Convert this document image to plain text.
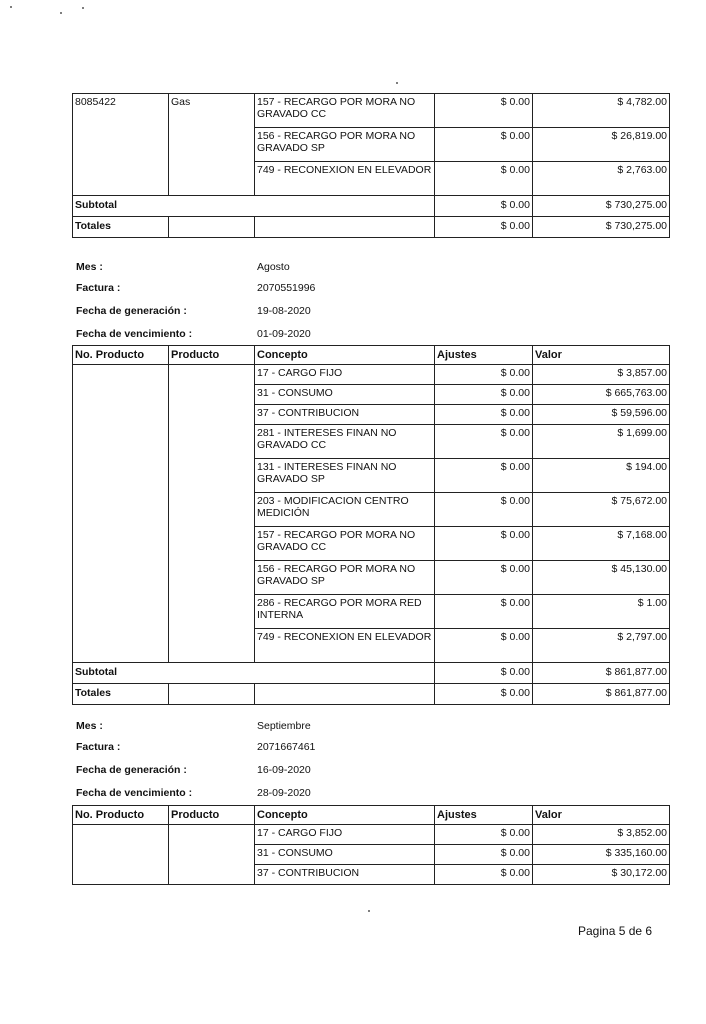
8085422	Gas	157 - RECARGO POR MORA NO GRAVADO CC	$ 0.00	$ 4,782.00
		156 - RECARGO POR MORA NO GRAVADO SP	$ 0.00	$ 26,819.00
		749 - RECONEXION EN ELEVADOR	$ 0.00	$ 2,763.00
Subtotal			$ 0.00	$ 730,275.00
Totales			$ 0.00	$ 730,275.00
Mes :	Agosto
Factura :	2070551996
Fecha de generación :	19-08-2020
Fecha de vencimiento :	01-09-2020
No. Producto	Producto	Concepto	Ajustes	Valor
		17 - CARGO FIJO	$ 0.00	$ 3,857.00
		31 - CONSUMO	$ 0.00	$ 665,763.00
		37 - CONTRIBUCION	$ 0.00	$ 59,596.00
		281 - INTERESES FINAN NO GRAVADO CC	$ 0.00	$ 1,699.00
		131 - INTERESES FINAN NO GRAVADO SP	$ 0.00	$ 194.00
		203 - MODIFICACION CENTRO MEDICIÓN	$ 0.00	$ 75,672.00
		157 - RECARGO POR MORA NO GRAVADO CC	$ 0.00	$ 7,168.00
		156 - RECARGO POR MORA NO GRAVADO SP	$ 0.00	$ 45,130.00
		286 - RECARGO POR MORA RED INTERNA	$ 0.00	$ 1.00
		749 - RECONEXION EN ELEVADOR	$ 0.00	$ 2,797.00
Subtotal			$ 0.00	$ 861,877.00
Totales			$ 0.00	$ 861,877.00
Mes :	Septiembre
Factura :	2071667461
Fecha de generación :	16-09-2020
Fecha de vencimiento :	28-09-2020
No. Producto	Producto	Concepto	Ajustes	Valor
		17 - CARGO FIJO	$ 0.00	$ 3,852.00
		31 - CONSUMO	$ 0.00	$ 335,160.00
		37 - CONTRIBUCION	$ 0.00	$ 30,172.00
Pagina 5 de 6
